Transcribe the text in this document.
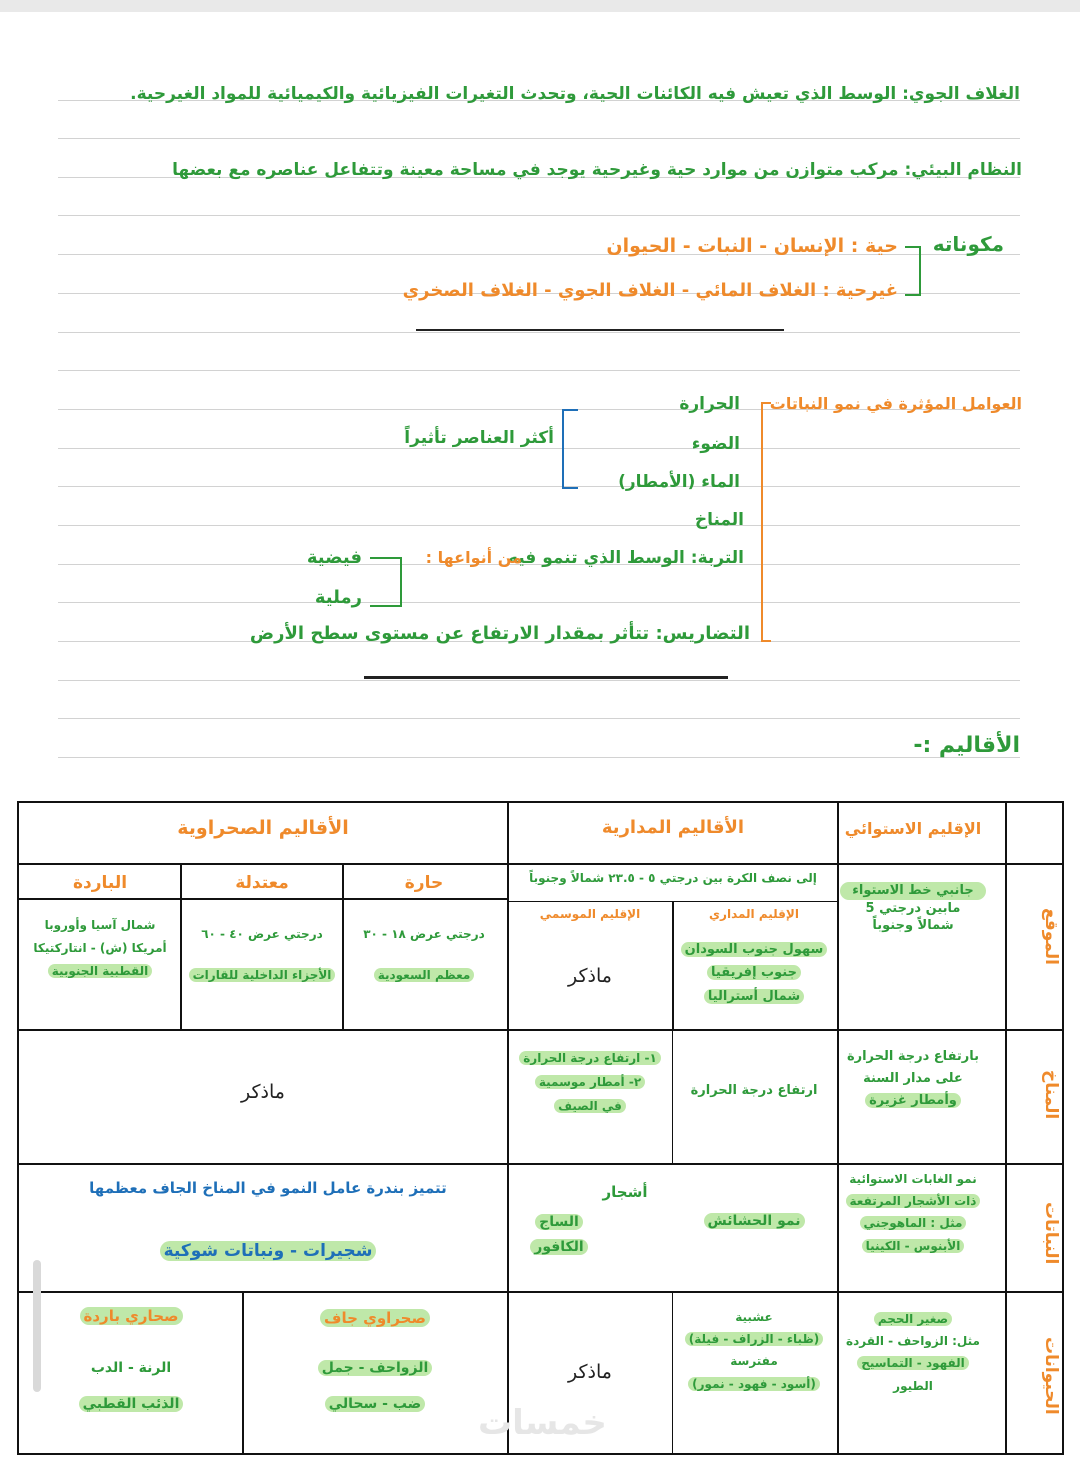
الغلاف الجوي: الوسط الذي تعيش فيه الكائنات الحية، وتحدث التغيرات الفيزيائية والكيميائية للمواد الغيرحية.
النظام البيئي: مركب متوازن من موارد حية وغيرحية يوجد في مساحة معينة وتتفاعل عناصره مع بعضها
مكوناته
حية : الإنسان - النبات - الحيوان
غيرحية : الغلاف المائي - الغلاف الجوي - الغلاف الصخري
العوامل المؤثرة في نمو النباتات
الحرارة
الضوء
الماء (الأمطار)
المناخ
التربة: الوسط الذي تنمو فيه
التضاريس: تتأثر بمقدار الارتفاع عن مستوى سطح الأرض
أكثر العناصر تأثيراً
من أنواعها :
فيضية
رملية
الأقاليم :-
الإقليم الاستوائي
الأقاليم المدارية
الأقاليم الصحراوية
إلى نصف الكرة بين درجتي ٥ - ٢٣.٥ شمالاً وجنوباً
الإقليم المداري
الإقليم الموسمي
حارة
معتدلة
الباردة
الموقع
المناخ
النباتات
الحيوانات
جانبي خط الاستواء
مابين درجتي 5
شمالاً وجنوباً
سهول جنوب السودان
جنوب إفريقيا
شمال أستراليا
ماذكر
درجتي عرض ١٨ - ٣٠
معظم السعودية
درجتي عرض ٤٠ - ٦٠
الأجزاء الداخلية للقارات
شمال آسيا وأوروبا
أمريكا (ش) - انتاركتيكا
القطبية الجنوبية
بارتفاع درجة الحرارة
على مدار السنة
وأمطار غزيرة
ارتفاع درجة الحرارة
١- ارتفاع درجة الحرارة
٢- أمطار موسمية
في الصيف
ماذكر
نمو الغابات الاستوائية
ذات الأشجار المرتفعة
مثل : الماهوجني
الأبنوس - الكينيا
نمو الحشائش
أشجار
الساج
الكافور
تتميز بندرة عامل النمو في المناخ الجاف معظمها
شجيرات - ونباتات شوكية
صغير الحجم
مثل: الزواحف - القردة
الفهود - التماسيح
الطيور
عشبية
(ظباء - الزراف - فيلة)
مفترسة
(أسود - فهود - نمور)
ماذكر
صحراوي جاف
الزواحف - جمل
ضب - سحالي
صحاري باردة
الرنة - الدب
الذئب القطبي	خمسات
